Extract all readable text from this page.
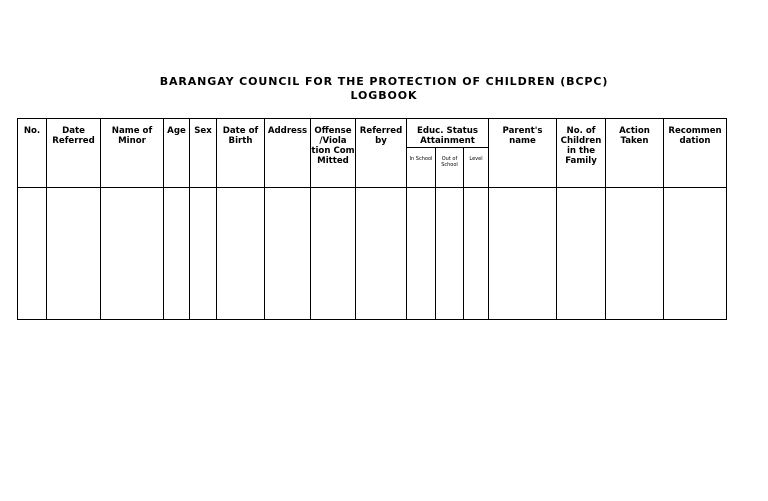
BARANGAY COUNCIL FOR THE PROTECTION OF CHILDREN (BCPC)
LOGBOOK
No.	Date Referred	Name of Minor	Age	Sex	Date of Birth	Address	Offense /Viola tion Com Mitted	Referred by	Educ. Status Attainment			Parent's name	No. of Children in the Family	Action Taken	Recommen dation

									In School	Out of School	Level				
